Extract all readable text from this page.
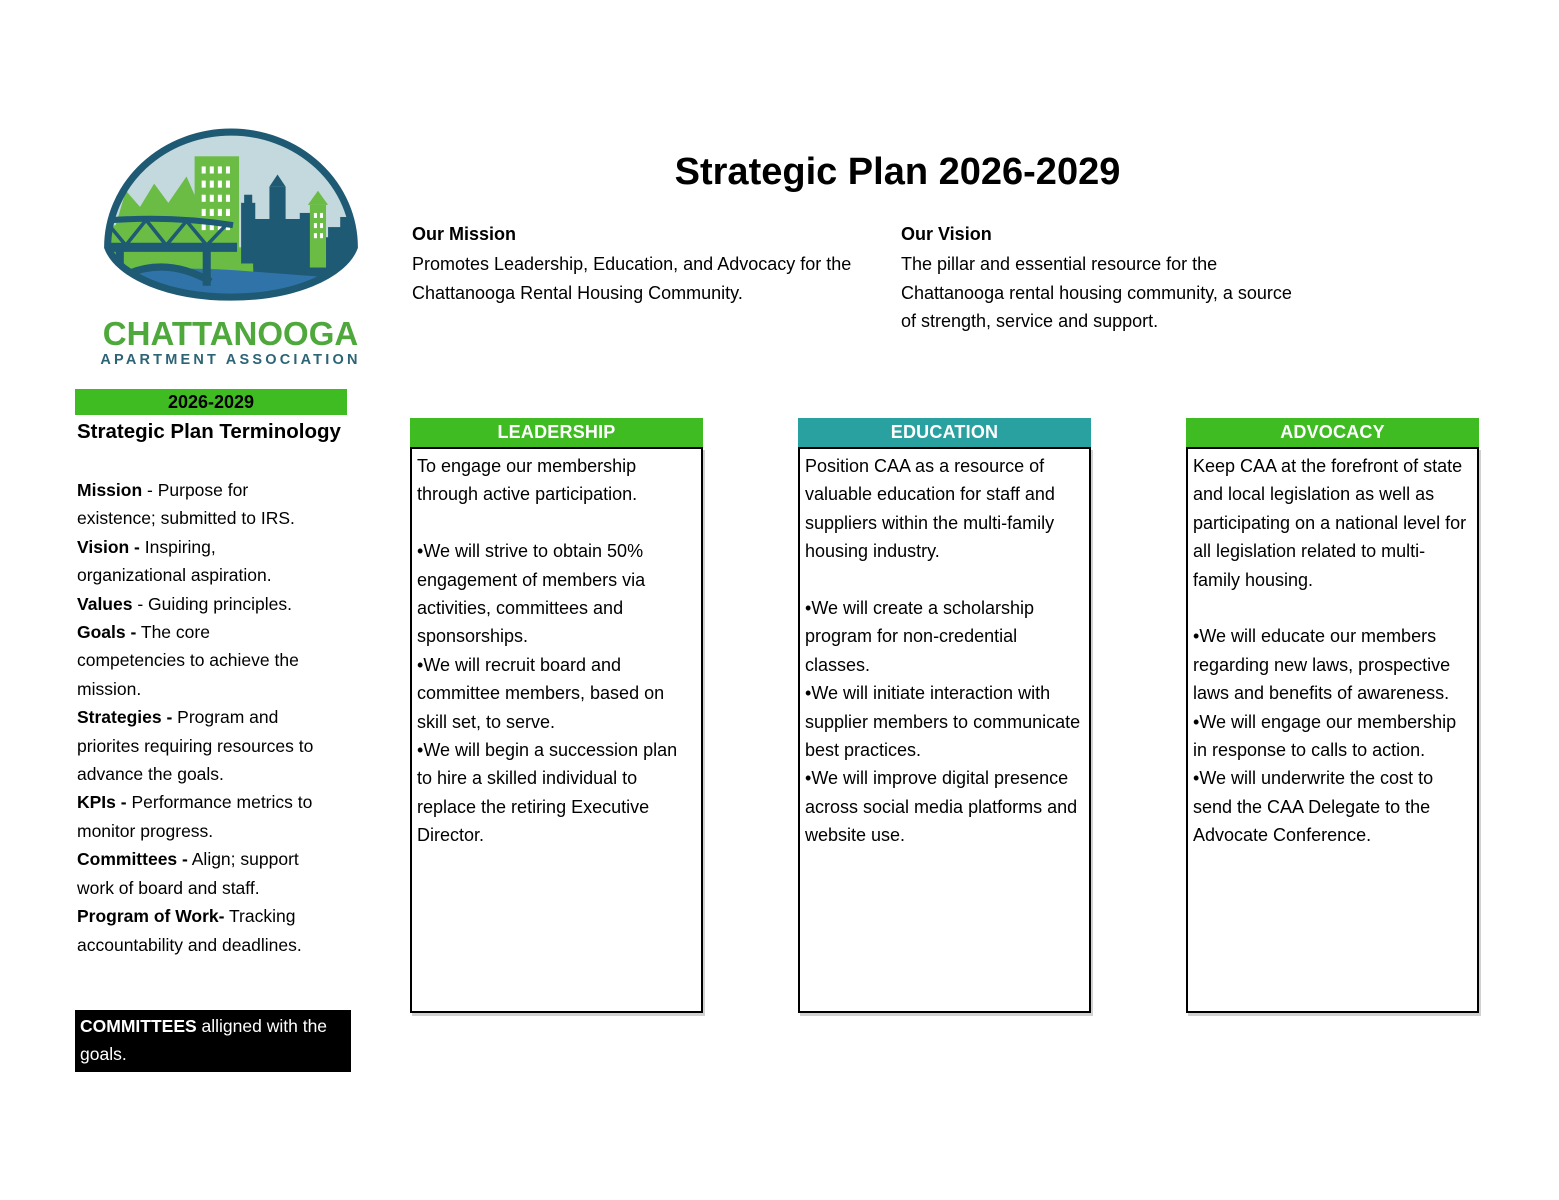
CHATTANOOGA
APARTMENT ASSOCIATION
Strategic Plan 2026-2029

Our Mission

Promotes Leadership, Education, and Advocacy for the Chattanooga Rental Housing Community.

Our Vision

The pillar and essential resource for the Chattanooga rental housing community, a source of strength, service and support.

2026-2029
Strategic Plan Terminology

Mission - Purpose for existence; submitted to IRS.

Vision - Inspiring, organizational aspiration.

Values - Guiding principles.

Goals - The core competencies to achieve the mission.

Strategies - Program and priorites requiring resources to advance the goals.

KPIs - Performance metrics to monitor progress.

Committees - Align; support work of board and staff.

Program of Work- Tracking accountability and deadlines.

COMMITTEES alligned with the goals.
LEADERSHIP

To engage our membership through active participation.

• We will strive to obtain 50% engagement of members via activities, committees and sponsorships.

• We will recruit board and committee members, based on skill set, to serve.

• We will begin a succession plan to hire a skilled individual to replace the retiring Executive Director.

EDUCATION

Position CAA as a resource of valuable education for staff and suppliers within the multi-family housing industry.

• We will create a scholarship program for non-credential classes.

• We will initiate interaction with supplier members to communicate best practices.

• We will improve digital presence across social media platforms and website use.

ADVOCACY

Keep CAA at the forefront of state and local legislation as well as participating on a national level for all legislation related to multi-family housing.

• We will educate our members regarding new laws, prospective laws and benefits of awareness.

• We will engage our membership in response to calls to action.

• We will underwrite the cost to send the CAA Delegate to the Advocate Conference.
